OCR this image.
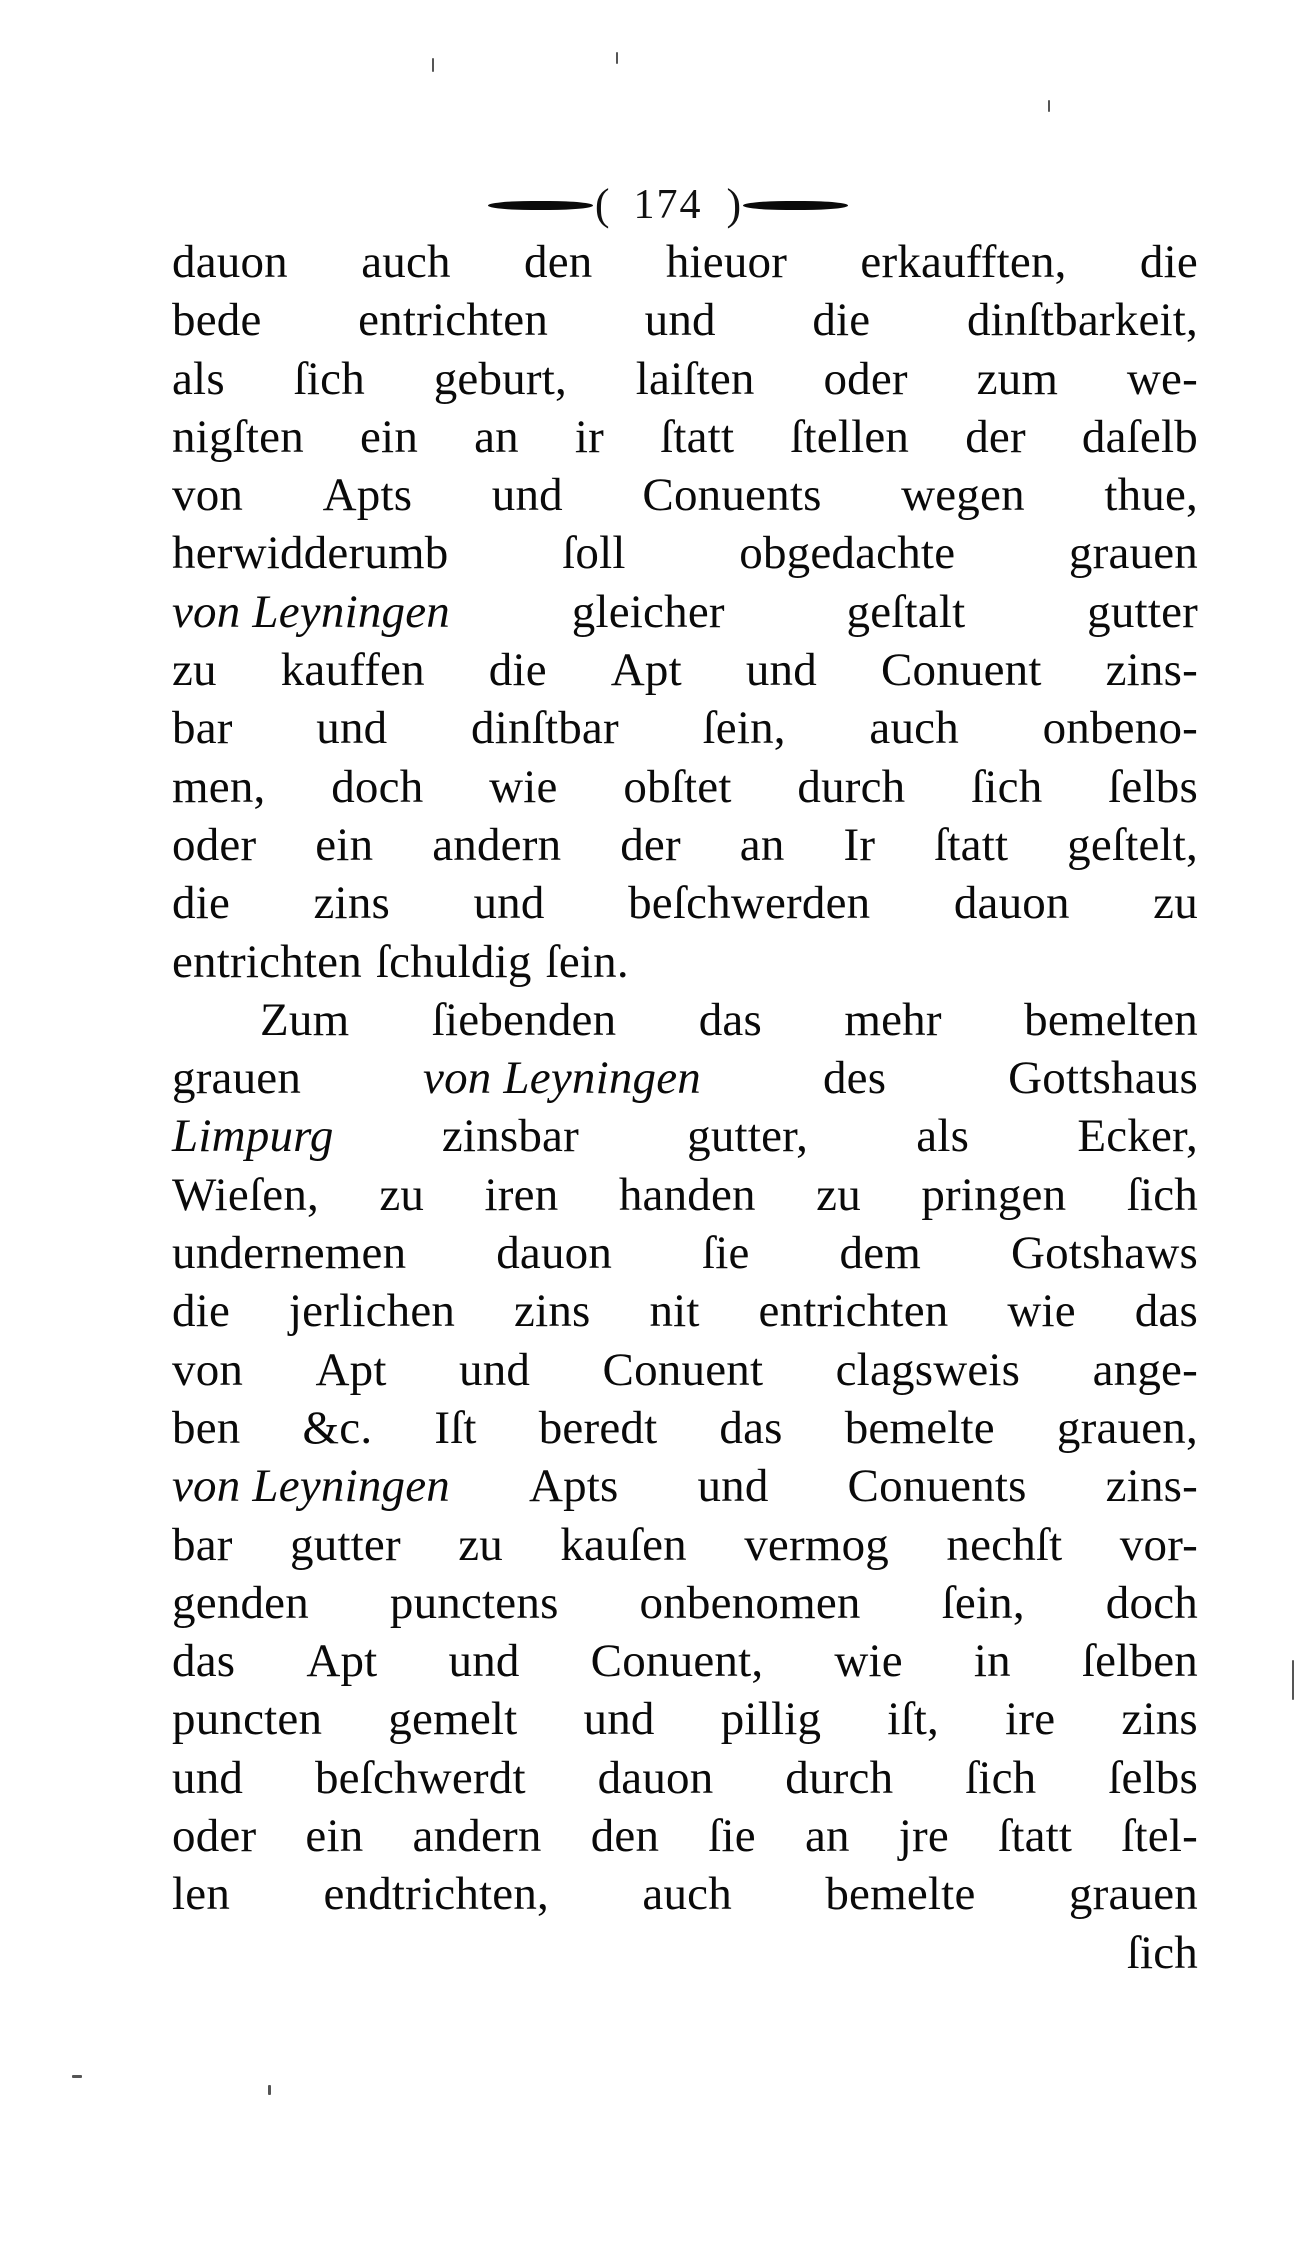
( 174 )
dauon auch den hieuor erkaufften, die
bede entrichten und die dinſtbarkeit,
als ſich geburt, laiſten oder zum we-
nigſten ein an ir ſtatt ſtellen der daſelb
von Apts und Conuents wegen thue,
herwidderumb ſoll obgedachte grauen
von Leyningen	gleicher	geſtalt	gutter
zu kauffen die Apt und Conuent zins-
bar und dinſtbar ſein, auch onbeno-
men, doch wie obſtet durch ſich ſelbs
oder ein andern der an Ir ſtatt geſtelt,
die zins und beſchwerden dauon zu
entrichten ſchuldig ſein.
Zum ſiebenden das mehr bemelten
grauen	von Leyningen	des	Gottshaus
Limpurg zinsbar gutter, als Ecker,
Wieſen, zu iren handen zu pringen ſich
undernemen dauon ſie dem Gotshaws
die jerlichen zins nit entrichten wie das
von Apt und Conuent clagsweis ange-
ben &c. Iſt beredt das bemelte grauen,
von Leyningen Apts und Conuents zins-
bar gutter zu kauſen vermog nechſt vor-
genden punctens onbenomen ſein, doch
das Apt und Conuent, wie in ſelben
puncten gemelt und pillig iſt, ire zins
und beſchwerdt dauon durch ſich ſelbs
oder ein andern den ſie an jre ſtatt ſtel-
len endtrichten, auch bemelte grauen
ſich
